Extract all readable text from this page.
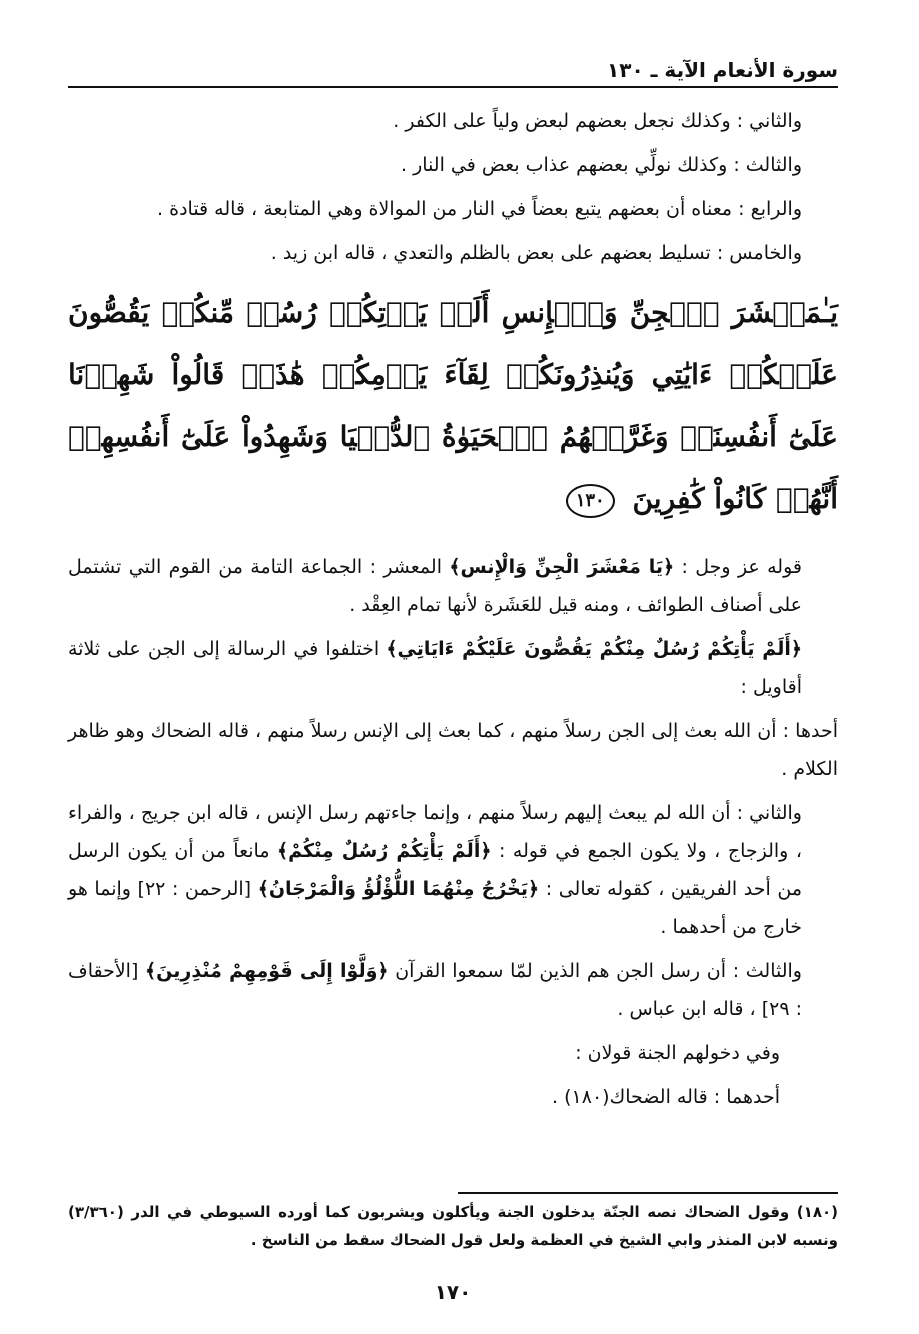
سورة الأنعام الآية ـ ١٣٠

والثاني : وكذلك نجعل بعضهم لبعض ولياً على الكفر .

والثالث : وكذلك نولِّي بعضهم عذاب بعض في النار .

والرابع : معناه أن بعضهم يتبع بعضاً في النار من الموالاة وهي المتابعة ، قاله قتادة .

والخامس : تسليط بعضهم على بعض بالظلم والتعدي ، قاله ابن زيد .

يَـٰمَعۡشَرَ ٱلۡجِنِّ وَٱلۡإِنسِ أَلَمۡ يَأۡتِكُمۡ رُسُلٞ مِّنكُمۡ يَقُصُّونَ عَلَيۡكُمۡ ءَايَٰتِي وَيُنذِرُونَكُمۡ لِقَآءَ يَوۡمِكُمۡ هَٰذَاۚ قَالُواْ شَهِدۡنَا عَلَىٰٓ أَنفُسِنَاۖ وَغَرَّتۡهُمُ ٱلۡحَيَوٰةُ ٱلدُّنۡيَا وَشَهِدُواْ عَلَىٰٓ أَنفُسِهِمۡ أَنَّهُمۡ كَانُواْ كَٰفِرِينَ ١٣٠

قوله عز وجل : ﴿يَا مَعْشَرَ الْجِنِّ وَالْإِنس﴾ المعشر : الجماعة التامة من القوم التي تشتمل على أصناف الطوائف ، ومنه قيل للعَشَرة لأنها تمام العِقْد .

﴿أَلَمْ يَأْتِكُمْ رُسُلٌ مِنْكُمْ يَقُصُّونَ عَلَيْكُمْ ءَايَاتِي﴾ اختلفوا في الرسالة إلى الجن على ثلاثة أقاويل :

أحدها : أن الله بعث إلى الجن رسلاً منهم ، كما بعث إلى الإنس رسلاً منهم ، قاله الضحاك وهو ظاهر الكلام .

والثاني : أن الله لم يبعث إليهم رسلاً منهم ، وإنما جاءتهم رسل الإنس ، قاله ابن جريج ، والفراء ، والزجاج ، ولا يكون الجمع في قوله : ﴿أَلَمْ يَأْتِكُمْ رُسُلٌ مِنْكُمْ﴾ مانعاً من أن يكون الرسل من أحد الفريقين ، كقوله تعالى : ﴿يَخْرُجُ مِنْهُمَا اللُّؤْلُؤُ وَالْمَرْجَانُ﴾ [الرحمن : ٢٢] وإنما هو خارج من أحدهما .

والثالث : أن رسل الجن هم الذين لمّا سمعوا القرآن ﴿وَلَّوْا إِلَى قَوْمِهِمْ مُنْذِرِينَ﴾ [الأحقاف : ٢٩] ، قاله ابن عباس .

وفي دخولهم الجنة قولان :

أحدهما : قاله الضحاك(١٨٠) .

(١٨٠) وقول الضحاك نصه الجنّة يدخلون الجنة ويأكلون ويشربون كما أورده السيوطي في الدر (٣/٣٦٠) ونسبه لابن المنذر وابي الشيخ في العظمة ولعل قول الضحاك سقط من الناسخ .
١٧٠
